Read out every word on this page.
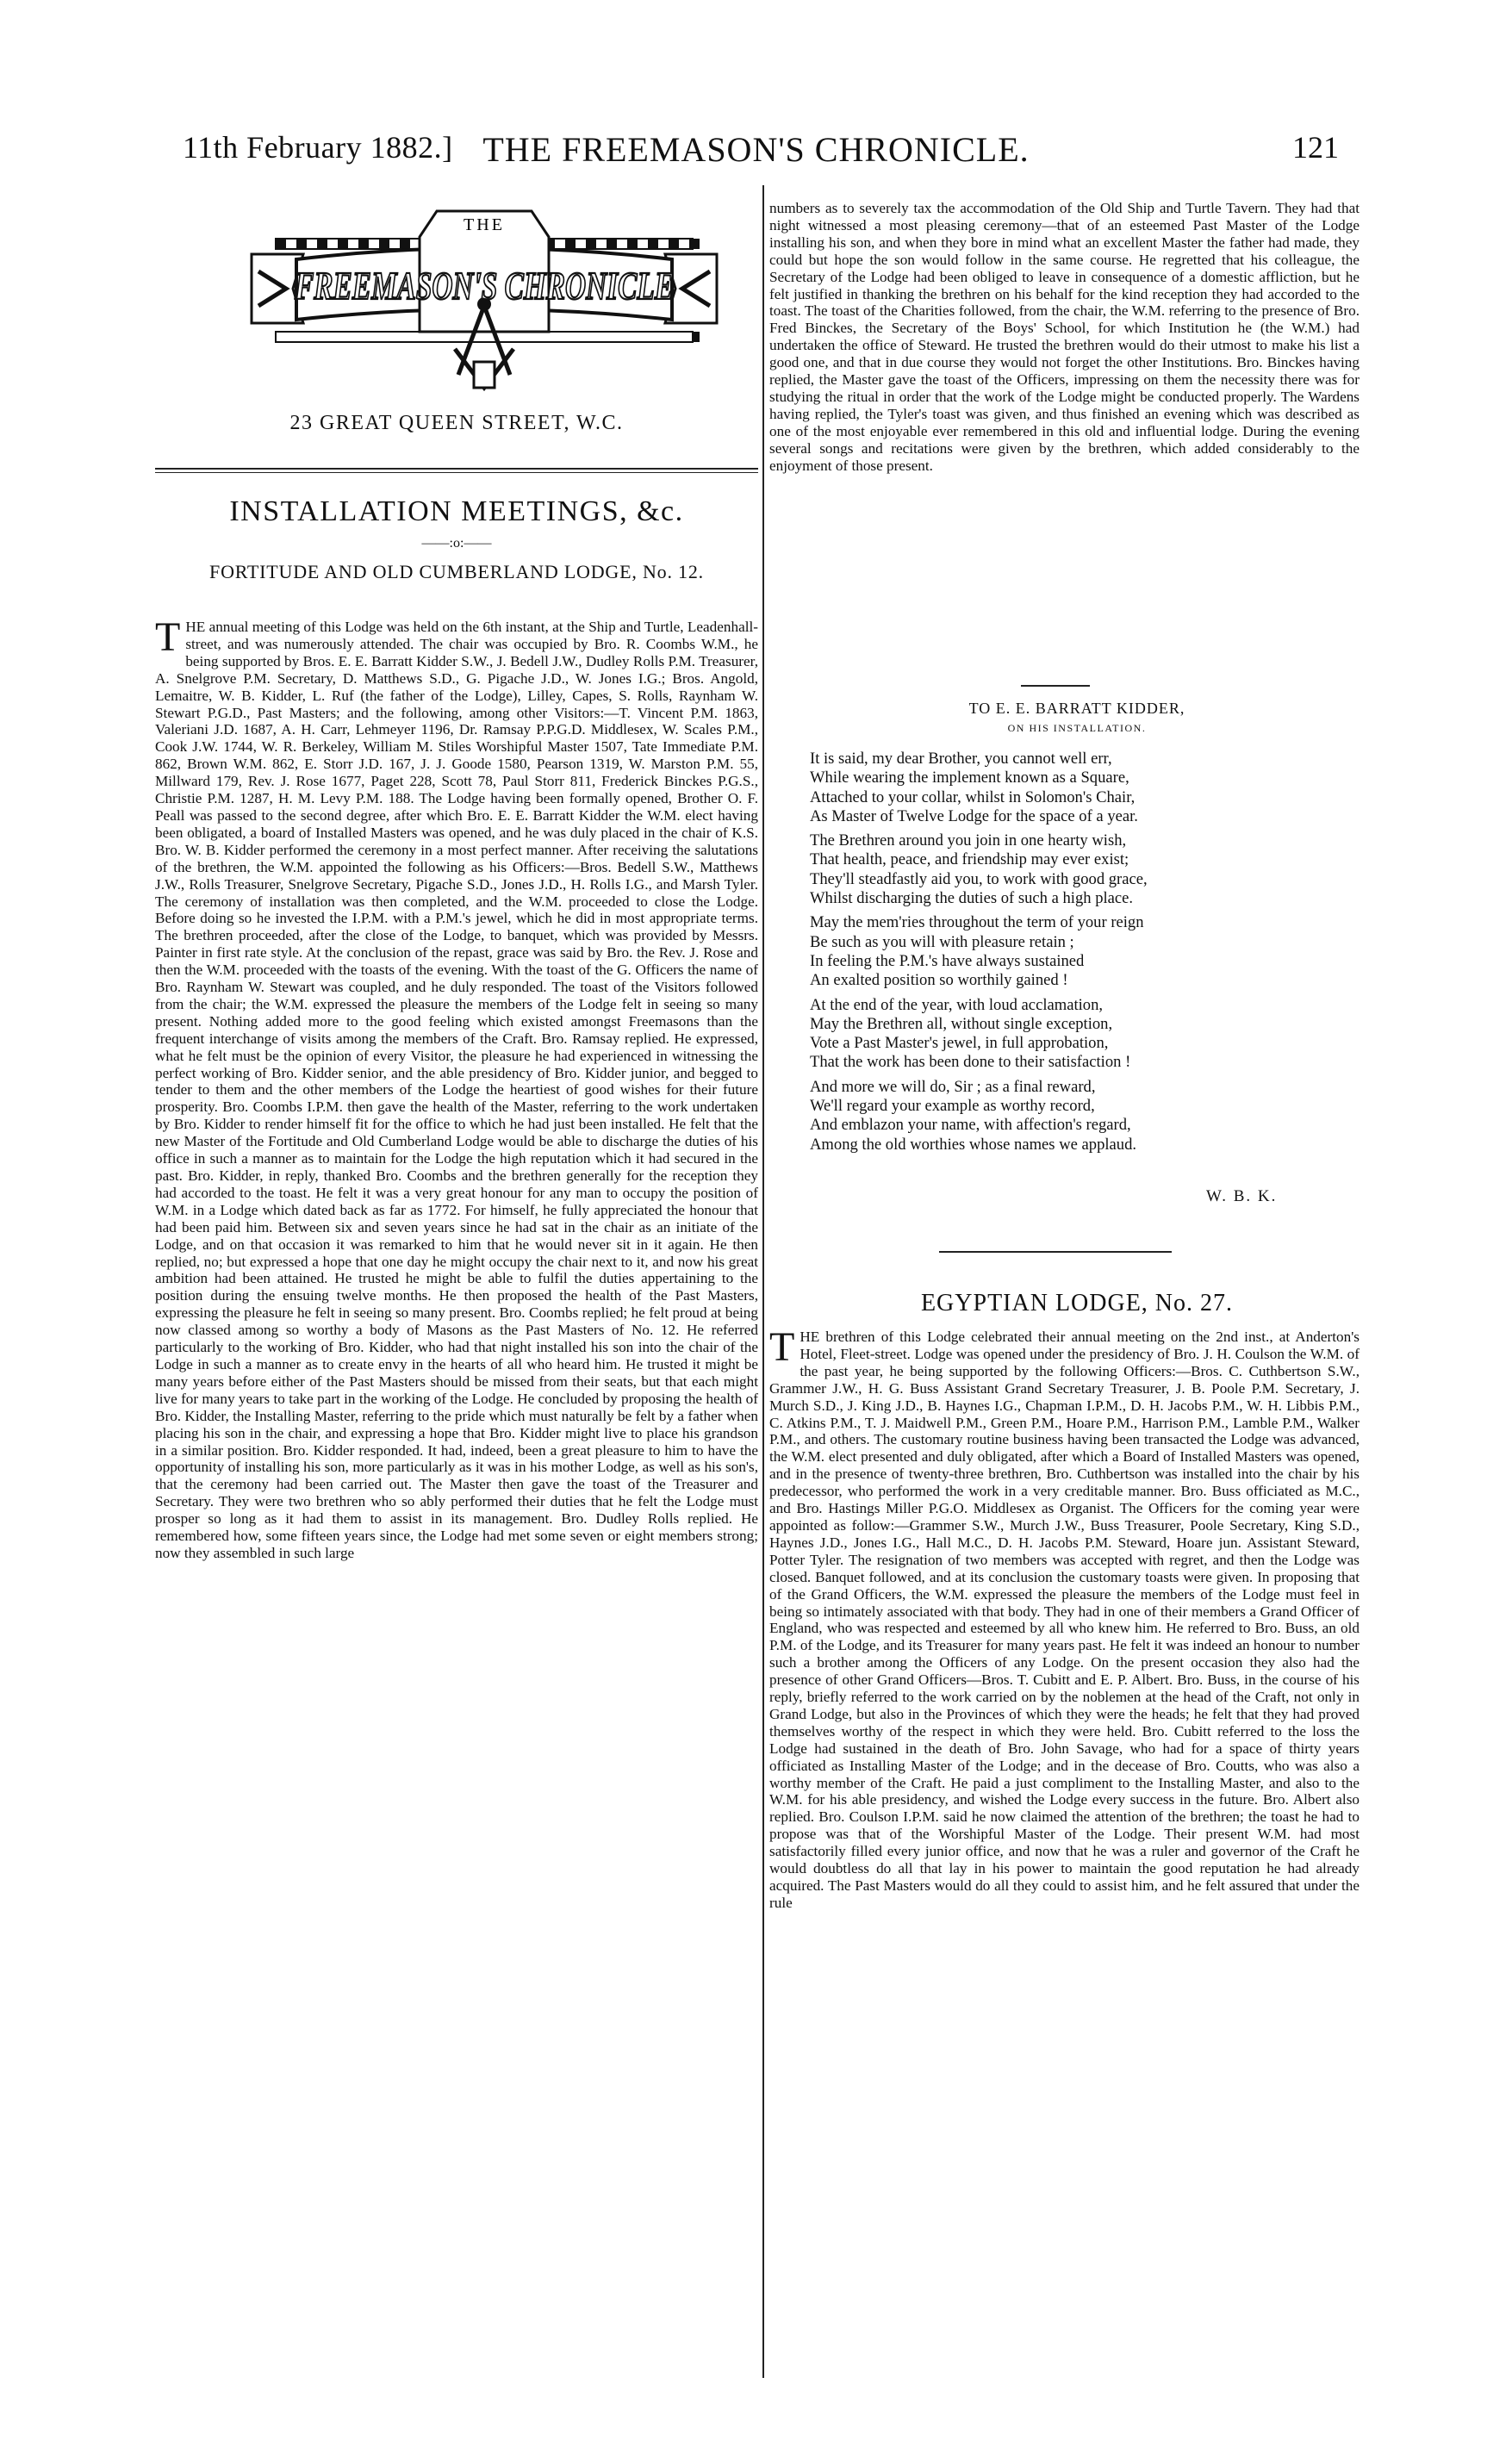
11th February 1882.] THE FREEMASON'S CHRONICLE.	121
THE
FREEMASON'S CHRONICLE
23 GREAT QUEEN STREET, W.C.
INSTALLATION MEETINGS, &c.
——:o:——
FORTITUDE AND OLD CUMBERLAND LODGE, No. 12.

THE annual meeting of this Lodge was held on the 6th instant, at the Ship and Turtle, Leadenhall-street, and was numerously attended. The chair was occupied by Bro. R. Coombs W.M., he being supported by Bros. E. E. Barratt Kidder S.W., J. Bedell J.W., Dudley Rolls P.M. Treasurer, A. Snelgrove P.M. Secretary, D. Matthews S.D., G. Pigache J.D., W. Jones I.G.; Bros. Angold, Lemaitre, W. B. Kidder, L. Ruf (the father of the Lodge), Lilley, Capes, S. Rolls, Raynham W. Stewart P.G.D., Past Masters; and the following, among other Visitors:—T. Vincent P.M. 1863, Valeriani J.D. 1687, A. H. Carr, Lehmeyer 1196, Dr. Ramsay P.P.G.D. Middlesex, W. Scales P.M., Cook J.W. 1744, W. R. Berkeley, William M. Stiles Worshipful Master 1507, Tate Immediate P.M. 862, Brown W.M. 862, E. Storr J.D. 167, J. J. Goode 1580, Pearson 1319, W. Marston P.M. 55, Millward 179, Rev. J. Rose 1677, Paget 228, Scott 78, Paul Storr 811, Frederick Binckes P.G.S., Christie P.M. 1287, H. M. Levy P.M. 188. The Lodge having been formally opened, Brother O. F. Peall was passed to the second degree, after which Bro. E. E. Barratt Kidder the W.M. elect having been obligated, a board of Installed Masters was opened, and he was duly placed in the chair of K.S. Bro. W. B. Kidder performed the ceremony in a most perfect manner. After receiving the salutations of the brethren, the W.M. appointed the following as his Officers:—Bros. Bedell S.W., Matthews J.W., Rolls Treasurer, Snelgrove Secretary, Pigache S.D., Jones J.D., H. Rolls I.G., and Marsh Tyler. The ceremony of installation was then completed, and the W.M. proceeded to close the Lodge. Before doing so he invested the I.P.M. with a P.M.'s jewel, which he did in most appropriate terms. The brethren proceeded, after the close of the Lodge, to banquet, which was provided by Messrs. Painter in first rate style. At the conclusion of the repast, grace was said by Bro. the Rev. J. Rose and then the W.M. proceeded with the toasts of the evening. With the toast of the G. Officers the name of Bro. Raynham W. Stewart was coupled, and he duly responded. The toast of the Visitors followed from the chair; the W.M. expressed the pleasure the members of the Lodge felt in seeing so many present. Nothing added more to the good feeling which existed amongst Freemasons than the frequent interchange of visits among the members of the Craft. Bro. Ramsay replied. He expressed, what he felt must be the opinion of every Visitor, the pleasure he had experienced in witnessing the perfect working of Bro. Kidder senior, and the able presidency of Bro. Kidder junior, and begged to tender to them and the other members of the Lodge the heartiest of good wishes for their future prosperity. Bro. Coombs I.P.M. then gave the health of the Master, referring to the work undertaken by Bro. Kidder to render himself fit for the office to which he had just been installed. He felt that the new Master of the Fortitude and Old Cumberland Lodge would be able to discharge the duties of his office in such a manner as to maintain for the Lodge the high reputation which it had secured in the past. Bro. Kidder, in reply, thanked Bro. Coombs and the brethren generally for the reception they had accorded to the toast. He felt it was a very great honour for any man to occupy the position of W.M. in a Lodge which dated back as far as 1772. For himself, he fully appreciated the honour that had been paid him. Between six and seven years since he had sat in the chair as an initiate of the Lodge, and on that occasion it was remarked to him that he would never sit in it again. He then replied, no; but expressed a hope that one day he might occupy the chair next to it, and now his great ambition had been attained. He trusted he might be able to fulfil the duties appertaining to the position during the ensuing twelve months. He then proposed the health of the Past Masters, expressing the pleasure he felt in seeing so many present. Bro. Coombs replied; he felt proud at being now classed among so worthy a body of Masons as the Past Masters of No. 12. He referred particularly to the working of Bro. Kidder, who had that night installed his son into the chair of the Lodge in such a manner as to create envy in the hearts of all who heard him. He trusted it might be many years before either of the Past Masters should be missed from their seats, but that each might live for many years to take part in the working of the Lodge. He concluded by proposing the health of Bro. Kidder, the Installing Master, referring to the pride which must naturally be felt by a father when placing his son in the chair, and expressing a hope that Bro. Kidder might live to place his grandson in a similar position. Bro. Kidder responded. It had, indeed, been a great pleasure to him to have the opportunity of installing his son, more particularly as it was in his mother Lodge, as well as his son's, that the ceremony had been carried out. The Master then gave the toast of the Treasurer and Secretary. They were two brethren who so ably performed their duties that he felt the Lodge must prosper so long as it had them to assist in its management. Bro. Dudley Rolls replied. He remembered how, some fifteen years since, the Lodge had met some seven or eight members strong; now they assembled in such large

numbers as to severely tax the accommodation of the Old Ship and Turtle Tavern. They had that night witnessed a most pleasing ceremony—that of an esteemed Past Master of the Lodge installing his son, and when they bore in mind what an excellent Master the father had made, they could but hope the son would follow in the same course. He regretted that his colleague, the Secretary of the Lodge had been obliged to leave in consequence of a domestic affliction, but he felt justified in thanking the brethren on his behalf for the kind reception they had accorded to the toast. The toast of the Charities followed, from the chair, the W.M. referring to the presence of Bro. Fred Binckes, the Secretary of the Boys' School, for which Institution he (the W.M.) had undertaken the office of Steward. He trusted the brethren would do their utmost to make his list a good one, and that in due course they would not forget the other Institutions. Bro. Binckes having replied, the Master gave the toast of the Officers, impressing on them the necessity there was for studying the ritual in order that the work of the Lodge might be conducted properly. The Wardens having replied, the Tyler's toast was given, and thus finished an evening which was described as one of the most enjoyable ever remembered in this old and influential lodge. During the evening several songs and recitations were given by the brethren, which added considerably to the enjoyment of those present.

TO E. E. BARRATT KIDDER,
ON HIS INSTALLATION.
It is said, my dear Brother, you cannot well err,
While wearing the implement known as a Square,
Attached to your collar, whilst in Solomon's Chair,
As Master of Twelve Lodge for the space of a year.
The Brethren around you join in one hearty wish,
That health, peace, and friendship may ever exist;
They'll steadfastly aid you, to work with good grace,
Whilst discharging the duties of such a high place.
May the mem'ries throughout the term of your reign
Be such as you will with pleasure retain ;
In feeling the P.M.'s have always sustained
An exalted position so worthily gained !
At the end of the year, with loud acclamation,
May the Brethren all, without single exception,
Vote a Past Master's jewel, in full approbation,
That the work has been done to their satisfaction !
And more we will do, Sir ; as a final reward,
We'll regard your example as worthy record,
And emblazon your name, with affection's regard,
Among the old worthies whose names we applaud.
W. B. K.
EGYPTIAN LODGE, No. 27.

THE brethren of this Lodge celebrated their annual meeting on the 2nd inst., at Anderton's Hotel, Fleet-street. Lodge was opened under the presidency of Bro. J. H. Coulson the W.M. of the past year, he being supported by the following Officers:—Bros. C. Cuthbertson S.W., Grammer J.W., H. G. Buss Assistant Grand Secretary Treasurer, J. B. Poole P.M. Secretary, J. Murch S.D., J. King J.D., B. Haynes I.G., Chapman I.P.M., D. H. Jacobs P.M., W. H. Libbis P.M., C. Atkins P.M., T. J. Maidwell P.M., Green P.M., Hoare P.M., Harrison P.M., Lamble P.M., Walker P.M., and others. The customary routine business having been transacted the Lodge was advanced, the W.M. elect presented and duly obligated, after which a Board of Installed Masters was opened, and in the presence of twenty-three brethren, Bro. Cuthbertson was installed into the chair by his predecessor, who performed the work in a very creditable manner. Bro. Buss officiated as M.C., and Bro. Hastings Miller P.G.O. Middlesex as Organist. The Officers for the coming year were appointed as follow:—Grammer S.W., Murch J.W., Buss Treasurer, Poole Secretary, King S.D., Haynes J.D., Jones I.G., Hall M.C., D. H. Jacobs P.M. Steward, Hoare jun. Assistant Steward, Potter Tyler. The resignation of two members was accepted with regret, and then the Lodge was closed. Banquet followed, and at its conclusion the customary toasts were given. In proposing that of the Grand Officers, the W.M. expressed the pleasure the members of the Lodge must feel in being so intimately associated with that body. They had in one of their members a Grand Officer of England, who was respected and esteemed by all who knew him. He referred to Bro. Buss, an old P.M. of the Lodge, and its Treasurer for many years past. He felt it was indeed an honour to number such a brother among the Officers of any Lodge. On the present occasion they also had the presence of other Grand Officers—Bros. T. Cubitt and E. P. Albert. Bro. Buss, in the course of his reply, briefly referred to the work carried on by the noblemen at the head of the Craft, not only in Grand Lodge, but also in the Provinces of which they were the heads; he felt that they had proved themselves worthy of the respect in which they were held. Bro. Cubitt referred to the loss the Lodge had sustained in the death of Bro. John Savage, who had for a space of thirty years officiated as Installing Master of the Lodge; and in the decease of Bro. Coutts, who was also a worthy member of the Craft. He paid a just compliment to the Installing Master, and also to the W.M. for his able presidency, and wished the Lodge every success in the future. Bro. Albert also replied. Bro. Coulson I.P.M. said he now claimed the attention of the brethren; the toast he had to propose was that of the Worshipful Master of the Lodge. Their present W.M. had most satisfactorily filled every junior office, and now that he was a ruler and governor of the Craft he would doubtless do all that lay in his power to maintain the good reputation he had already acquired. The Past Masters would do all they could to assist him, and he felt assured that under the rule
